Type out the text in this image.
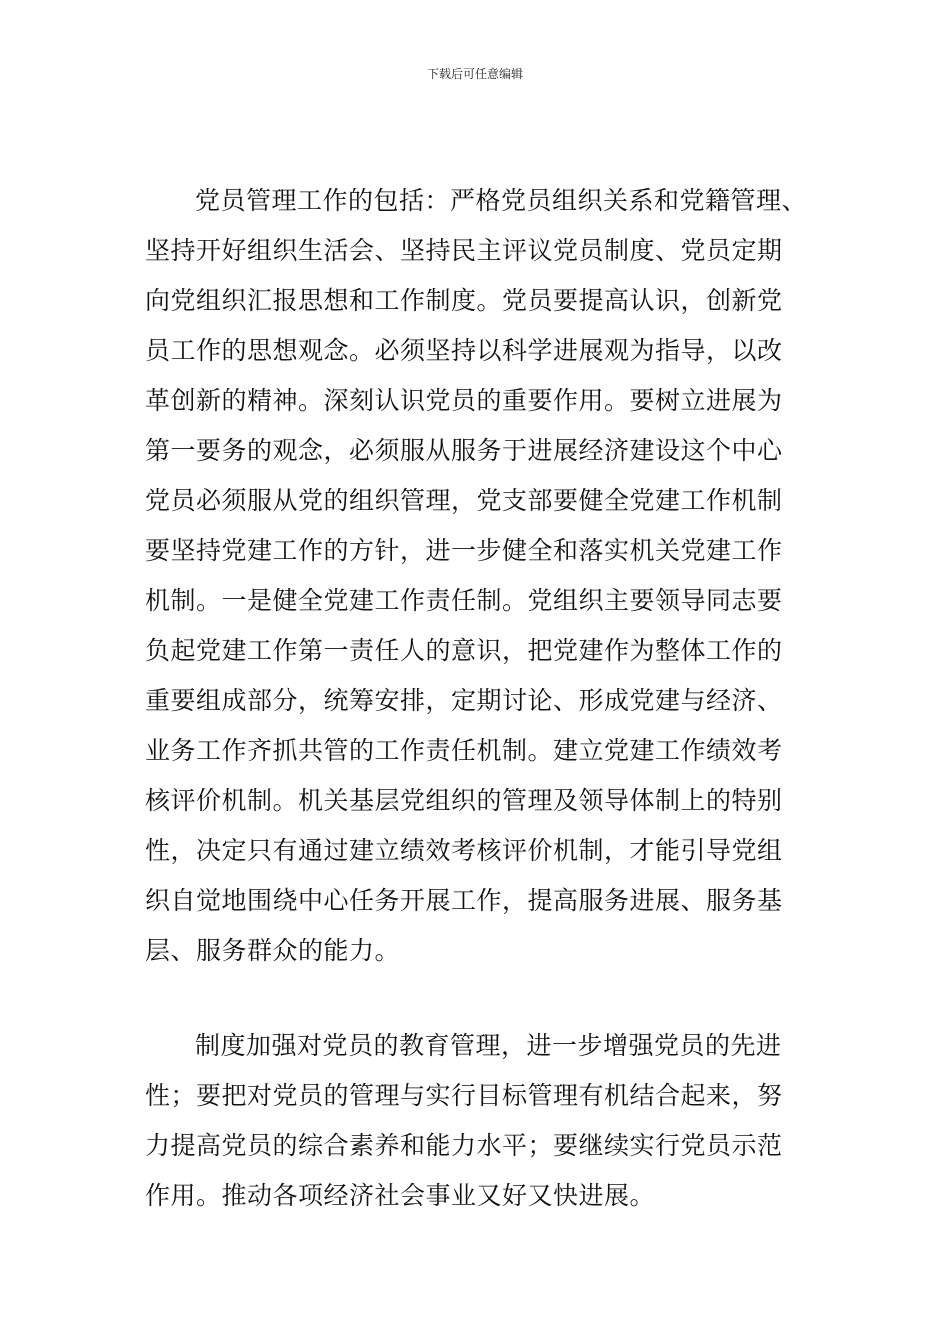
下载后可任意编辑
党员管理工作的包括：严格党员组织关系和党籍管理、
坚持开好组织生活会、坚持民主评议党员制度、党员定期
向党组织汇报思想和工作制度。党员要提高认识，创新党
员工作的思想观念。必须坚持以科学进展观为指导，以改
革创新的精神。深刻认识党员的重要作用。要树立进展为
第一要务的观念，必须服从服务于进展经济建设这个中心
党员必须服从党的组织管理，党支部要健全党建工作机制
要坚持党建工作的方针，进一步健全和落实机关党建工作
机制。一是健全党建工作责任制。党组织主要领导同志要
负起党建工作第一责任人的意识，把党建作为整体工作的
重要组成部分，统筹安排，定期讨论、形成党建与经济、
业务工作齐抓共管的工作责任机制。建立党建工作绩效考
核评价机制。机关基层党组织的管理及领导体制上的特别
性，决定只有通过建立绩效考核评价机制，才能引导党组
织自觉地围绕中心任务开展工作，提高服务进展、服务基
层、服务群众的能力。
制度加强对党员的教育管理，进一步增强党员的先进
性；要把对党员的管理与实行目标管理有机结合起来，努
力提高党员的综合素养和能力水平；要继续实行党员示范
作用。推动各项经济社会事业又好又快进展。
